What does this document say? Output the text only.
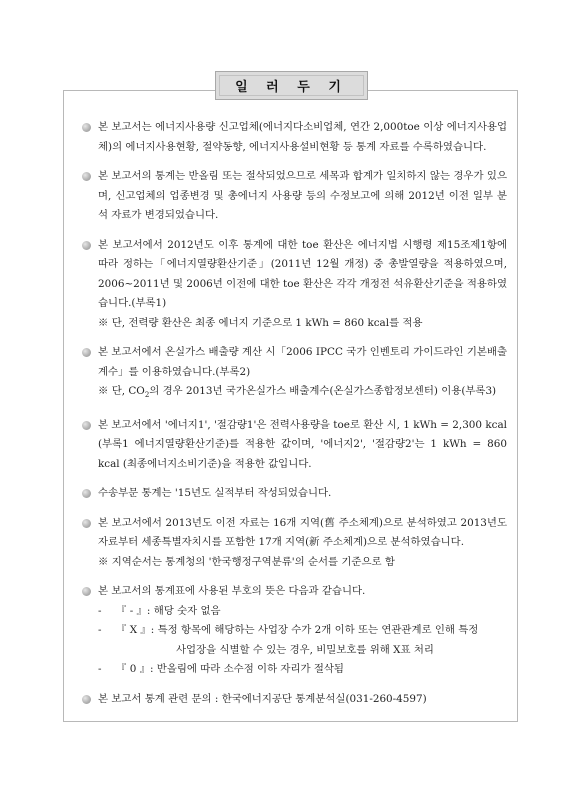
일 러 두 기
본 보고서는 에너지사용량 신고업체(에너지다소비업체, 연간 2,000toe 이상 에너지사용업체)의 에너지사용현황, 절약동향, 에너지사용설비현황 등 통계 자료를 수록하였습니다.
본 보고서의 통계는 반올림 또는 절삭되었으므로 세목과 합계가 일치하지 않는 경우가 있으며, 신고업체의 업종변경 및 총에너지 사용량 등의 수정보고에 의해 2012년 이전 일부 분석 자료가 변경되었습니다.
본 보고서에서 2012년도 이후 통계에 대한 toe 환산은 에너지법 시행령 제15조제1항에 따라 정하는「에너지열량환산기준」(2011년 12월 개정) 중 총발열량을 적용하였으며, 2006~2011년 및 2006년 이전에 대한 toe 환산은 각각 개정전 석유환산기준을 적용하였습니다.(부록1)
※ 단, 전력량 환산은 최종 에너지 기준으로 1 kWh = 860 kcal를 적용
본 보고서에서 온실가스 배출량 계산 시「2006 IPCC 국가 인벤토리 가이드라인 기본배출계수」를 이용하였습니다.(부록2)
※ 단, $CO_2$의 경우 2013년 국가온실가스 배출계수(온실가스종합정보센터) 이용(부록3)
본 보고서에서 '에너지1', '절감량1'은 전력사용량을 toe로 환산 시, 1 kWh = 2,300 kcal (부록1 에너지열량환산기준)를 적용한 값이며, '에너지2', '절감량2'는 1 kWh = 860 kcal (최종에너지소비기준)을 적용한 값입니다.
수송부문 통계는 '15년도 실적부터 작성되었습니다.
본 보고서에서 2013년도 이전 자료는 16개 지역(舊 주소체계)으로 분석하였고 2013년도 자료부터 세종특별자치시를 포함한 17개 지역(新 주소체계)으로 분석하였습니다.
※ 지역순서는 통계청의 '한국행정구역분류'의 순서를 기준으로 함
본 보고서의 통계표에 사용된 부호의 뜻은 다음과 같습니다.
- 『 - 』: 해당 숫자 없음
- 『 X 』: 특정 항목에 해당하는 사업장 수가 2개 이하 또는 연관관계로 인해 특정
사업장을 식별할 수 있는 경우, 비밀보호를 위해 X표 처리
- 『 0 』: 반올림에 따라 소수점 이하 자리가 절삭됨
본 보고서 통계 관련 문의 : 한국에너지공단 통계분석실(031-260-4597)
